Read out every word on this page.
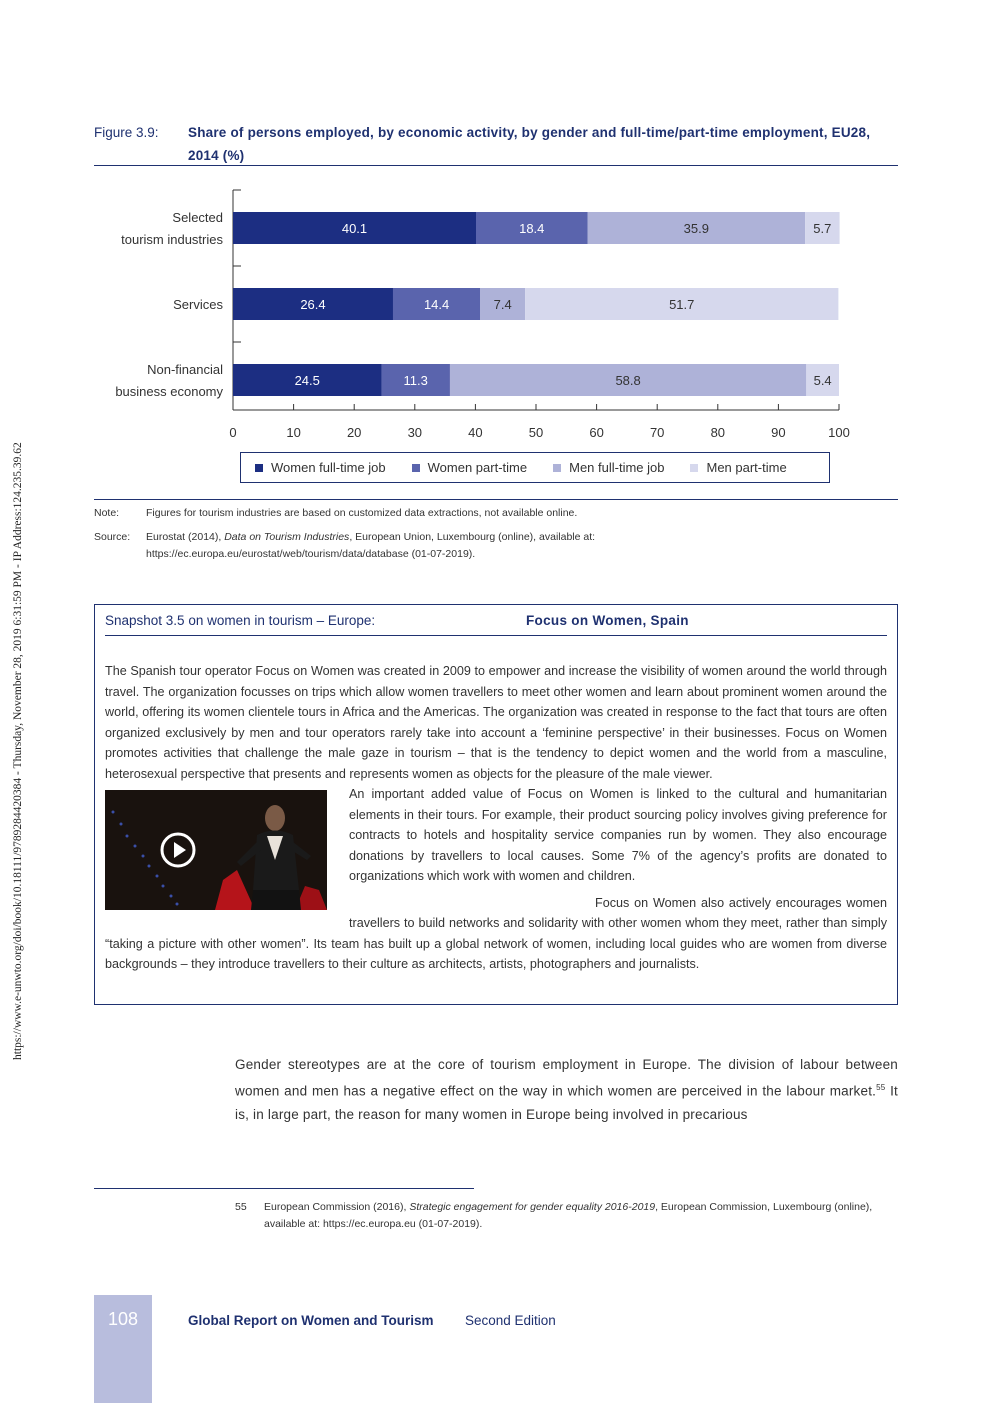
https://www.e-unwto.org/doi/book/10.18111/9789284420384 - Thursday, November 28, 2019 6:31:59 PM - IP Address:124.235.39.62
Figure 3.9: Share of persons employed, by economic activity, by gender and full-time/part-time employment, EU28, 2014 (%)
0	10	20	30	40	50	60	70	80	90	100
Selected
tourism industries
Services
Non-financial
business economy
40.1	18.4	35.9	5.7
26.4	14.4	7.4	51.7
24.5	11.3	58.8	5.4
Women full-time job	Women part-time	Men full-time job	Men part-time
Note:	Figures for tourism industries are based on customized data extractions, not available online.
Source:	Eurostat (2014), Data on Tourism Industries, European Union, Luxembourg (online), available at:
https://ec.europa.eu/eurostat/web/tourism/data/database (01-07-2019).
Snapshot 3.5 on women in tourism – Europe:	Focus on Women, Spain

The Spanish tour operator Focus on Women was created in 2009 to empower and increase the visibility of women around the world through travel. The organization focusses on trips which allow women travellers to meet other women and learn about prominent women around the world, offering its women clientele tours in Africa and the Americas. The organization was created in response to the fact that tours are often organized exclusively by men and tour operators rarely take into account a ‘feminine perspective’ in their businesses. Focus on Women promotes activities that challenge the male gaze in tourism – that is the tendency to depict women and the world from a masculine, heterosexual perspective that presents and represents women as objects for the pleasure of the male viewer.

An important added value of Focus on Women is linked to the cultural and humanitarian elements in their tours. For example, their product sourcing policy involves giving preference for contracts to hotels and hospitality service companies run by women. They also encourage donations by travellers to local causes. Some 7% of the agency’s profits are donated to organizations which work with women and children.

Focus on Women also actively encourages women travellers to build networks and solidarity with other women whom they meet, rather than simply “taking a picture with other women”. Its team has built up a global network of women, including local guides who are women from diverse backgrounds – they introduce travellers to their culture as architects, artists, photographers and journalists.

Gender stereotypes are at the core of tourism employment in Europe. The division of labour between women and men has a negative effect on the way in which women are perceived in the labour market.$^{55}$ It is, in large part, the reason for many women in Europe being involved in precarious
55 European Commission (2016), Strategic engagement for gender equality 2016-2019, European Commission, Luxembourg (online), available at: https://ec.europa.eu (01-07-2019).
108	Global Report on Women and Tourism Second Edition
